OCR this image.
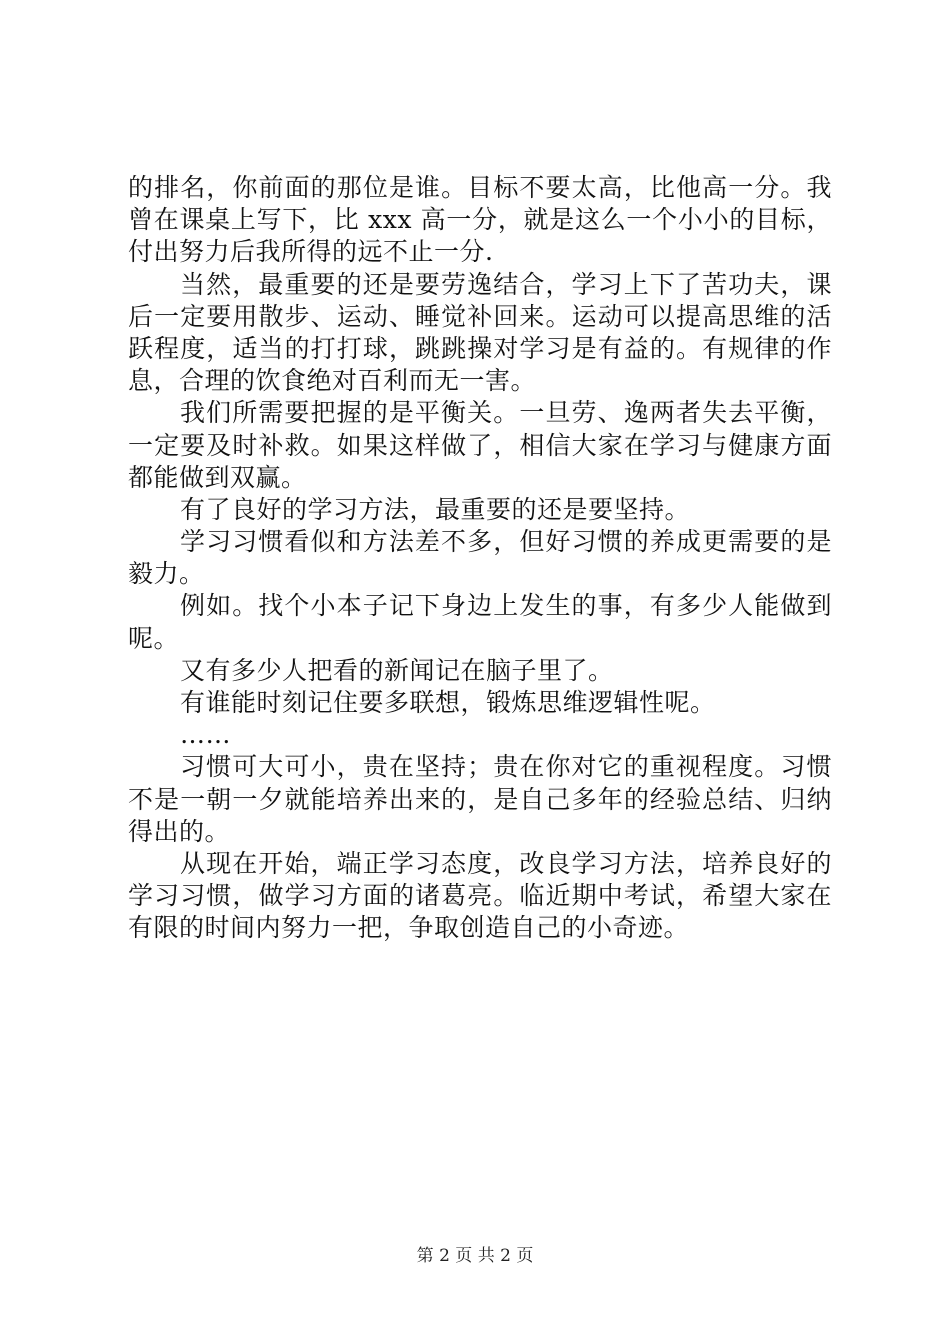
的排名，你前面的那位是谁。目标不要太高，比他高一分。我
曾在课桌上写下，比 xxx 高一分，就是这么一个小小的目标，
付出努力后我所得的远不止一分.
当然，最重要的还是要劳逸结合，学习上下了苦功夫，课
后一定要用散步、运动、睡觉补回来。运动可以提高思维的活
跃程度，适当的打打球，跳跳操对学习是有益的。有规律的作
息，合理的饮食绝对百利而无一害。
我们所需要把握的是平衡关。一旦劳、逸两者失去平衡，
一定要及时补救。如果这样做了，相信大家在学习与健康方面
都能做到双赢。
有了良好的学习方法，最重要的还是要坚持。
学习习惯看似和方法差不多，但好习惯的养成更需要的是
毅力。
例如。找个小本子记下身边上发生的事，有多少人能做到
呢。
又有多少人把看的新闻记在脑子里了。
有谁能时刻记住要多联想，锻炼思维逻辑性呢。
……
习惯可大可小，贵在坚持；贵在你对它的重视程度。习惯
不是一朝一夕就能培养出来的，是自己多年的经验总结、归纳
得出的。
从现在开始，端正学习态度，改良学习方法，培养良好的
学习习惯，做学习方面的诸葛亮。临近期中考试，希望大家在
有限的时间内努力一把，争取创造自己的小奇迹。
第 2 页 共 2 页
